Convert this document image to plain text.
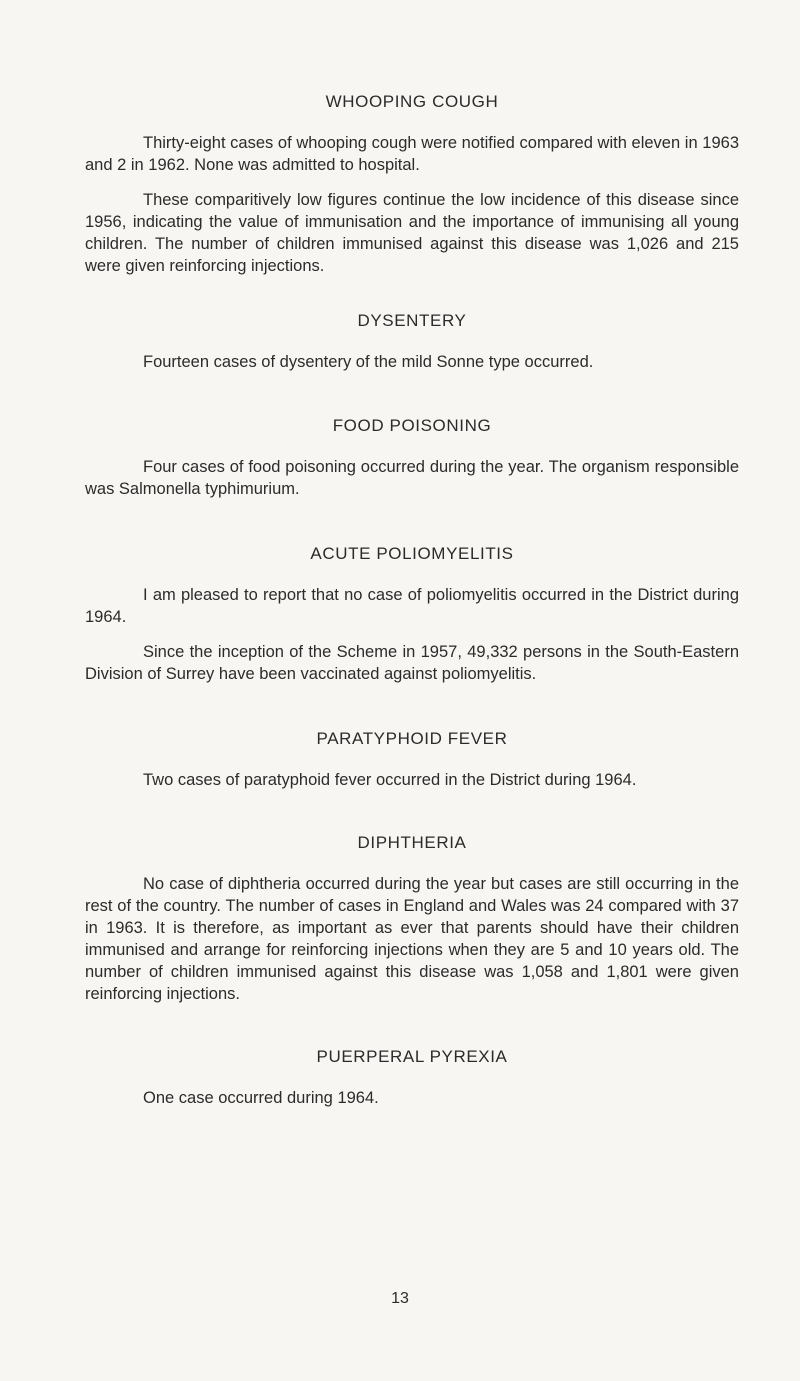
WHOOPING COUGH

Thirty-eight cases of whooping cough were notified compared with eleven in 1963 and 2 in 1962. None was admitted to hospital.

These comparitively low figures continue the low incidence of this disease since 1956, indicating the value of immunisation and the importance of immunising all young children. The number of children immunised against this disease was 1,026 and 215 were given reinforcing injections.

DYSENTERY

Fourteen cases of dysentery of the mild Sonne type occurred.

FOOD POISONING

Four cases of food poisoning occurred during the year. The organism responsible was Salmonella typhimurium.

ACUTE POLIOMYELITIS

I am pleased to report that no case of poliomyelitis occurred in the District during 1964.

Since the inception of the Scheme in 1957, 49,332 persons in the South-Eastern Division of Surrey have been vaccinated against poliomyelitis.

PARATYPHOID FEVER

Two cases of paratyphoid fever occurred in the District during 1964.

DIPHTHERIA

No case of diphtheria occurred during the year but cases are still occurring in the rest of the country. The number of cases in England and Wales was 24 compared with 37 in 1963. It is therefore, as important as ever that parents should have their children immunised and arrange for reinforcing injections when they are 5 and 10 years old. The number of children immunised against this disease was 1,058 and 1,801 were given reinforcing injections.

PUERPERAL PYREXIA

One case occurred during 1964.

13
